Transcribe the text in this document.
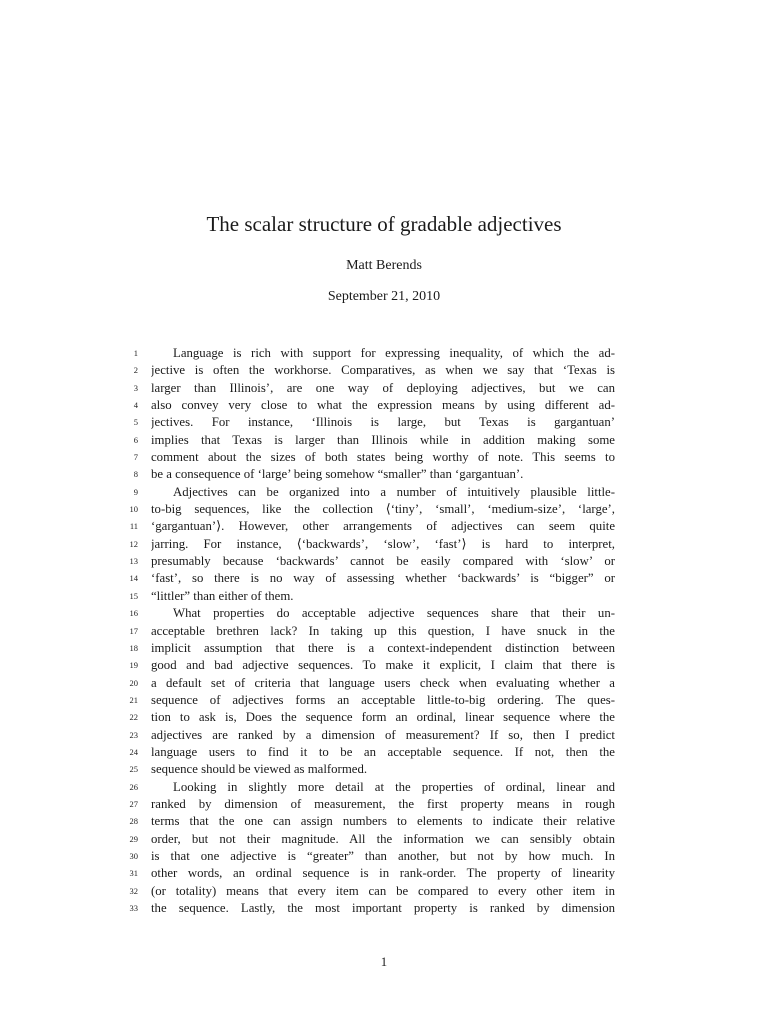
The scalar structure of gradable adjectives
Matt Berends
September 21, 2010
1	Language is rich with support for expressing inequality, of which the ad-
2 jective is often the workhorse. Comparatives, as when we say that ‘Texas is
3 larger than Illinois’, are one way of deploying adjectives, but we can
4 also convey very close to what the expression means by using different ad-
5 jectives. For instance, ‘Illinois is large, but Texas is gargantuan’
6 implies that Texas is larger than Illinois while in addition making some
7 comment about the sizes of both states being worthy of note. This seems to
8 be a consequence of ‘large’ being somehow “smaller” than ‘gargantuan’.
9	Adjectives can be organized into a number of intuitively plausible little-
10 to-big sequences, like the collection ⟨‘tiny’, ‘small’, ‘medium-size’, ‘large’,
11 ‘gargantuan’⟩. However, other arrangements of adjectives can seem quite
12 jarring. For instance, ⟨‘backwards’, ‘slow’, ‘fast’⟩ is hard to interpret,
13 presumably because ‘backwards’ cannot be easily compared with ‘slow’ or
14 ‘fast’, so there is no way of assessing whether ‘backwards’ is “bigger” or
15 “littler” than either of them.
16	What properties do acceptable adjective sequences share that their un-
17 acceptable brethren lack? In taking up this question, I have snuck in the
18 implicit assumption that there is a context-independent distinction between
19 good and bad adjective sequences. To make it explicit, I claim that there is
20 a default set of criteria that language users check when evaluating whether a
21 sequence of adjectives forms an acceptable little-to-big ordering. The ques-
22 tion to ask is, Does the sequence form an ordinal, linear sequence where the
23 adjectives are ranked by a dimension of measurement? If so, then I predict
24 language users to find it to be an acceptable sequence. If not, then the
25 sequence should be viewed as malformed.
26	Looking in slightly more detail at the properties of ordinal, linear and
27 ranked by dimension of measurement, the first property means in rough
28 terms that the one can assign numbers to elements to indicate their relative
29 order, but not their magnitude. All the information we can sensibly obtain
30 is that one adjective is “greater” than another, but not by how much. In
31 other words, an ordinal sequence is in rank-order. The property of linearity
32 (or totality) means that every item can be compared to every other item in
33 the sequence. Lastly, the most important property is ranked by dimension
1
